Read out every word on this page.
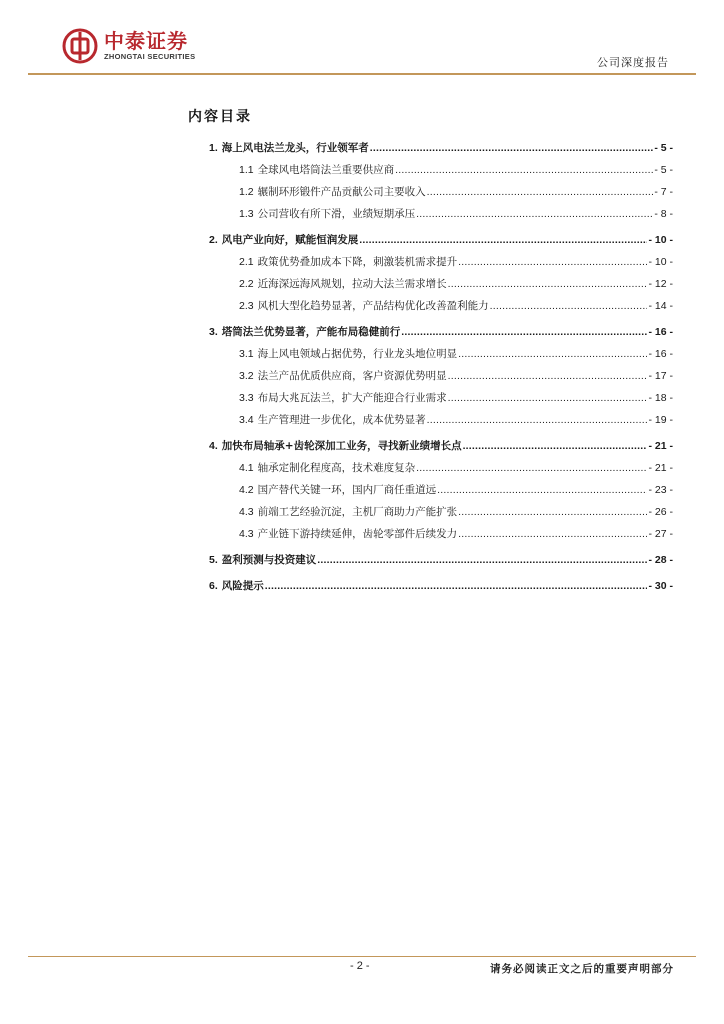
中泰证券
ZHONGTAI SECURITIES	公司深度报告
内容目录
1. 海上风电法兰龙头，行业领军者 .....	- 5 -
1.1 全球风电塔筒法兰重要供应商 .....	- 5 -
1.2 辗制环形锻件产品贡献公司主要收入 .....	- 7 -
1.3 公司营收有所下滑，业绩短期承压 .....	- 8 -
2. 风电产业向好，赋能恒润发展 .....	- 10 -
2.1 政策优势叠加成本下降，刺激装机需求提升 .....	- 10 -
2.2 近海深远海风规划，拉动大法兰需求增长 .....	- 12 -
2.3 风机大型化趋势显著，产品结构优化改善盈利能力 .....	- 14 -
3. 塔筒法兰优势显著，产能布局稳健前行 .....	- 16 -
3.1 海上风电领域占据优势，行业龙头地位明显 .....	- 16 -
3.2 法兰产品优质供应商，客户资源优势明显 .....	- 17 -
3.3 布局大兆瓦法兰，扩大产能迎合行业需求 .....	- 18 -
3.4 生产管理进一步优化，成本优势显著 .....	- 19 -
4. 加快布局轴承+齿轮深加工业务，寻找新业绩增长点 .....	- 21 -
4.1 轴承定制化程度高，技术难度复杂 .....	- 21 -
4.2 国产替代关键一环，国内厂商任重道远 .....	- 23 -
4.3 前端工艺经验沉淀，主机厂商助力产能扩张 .....	- 26 -
4.3 产业链下游持续延伸，齿轮零部件后续发力 .....	- 27 -
5. 盈利预测与投资建议 .....	- 28 -
6. 风险提示 .....	- 30 -
- 2 -	请务必阅读正文之后的重要声明部分
